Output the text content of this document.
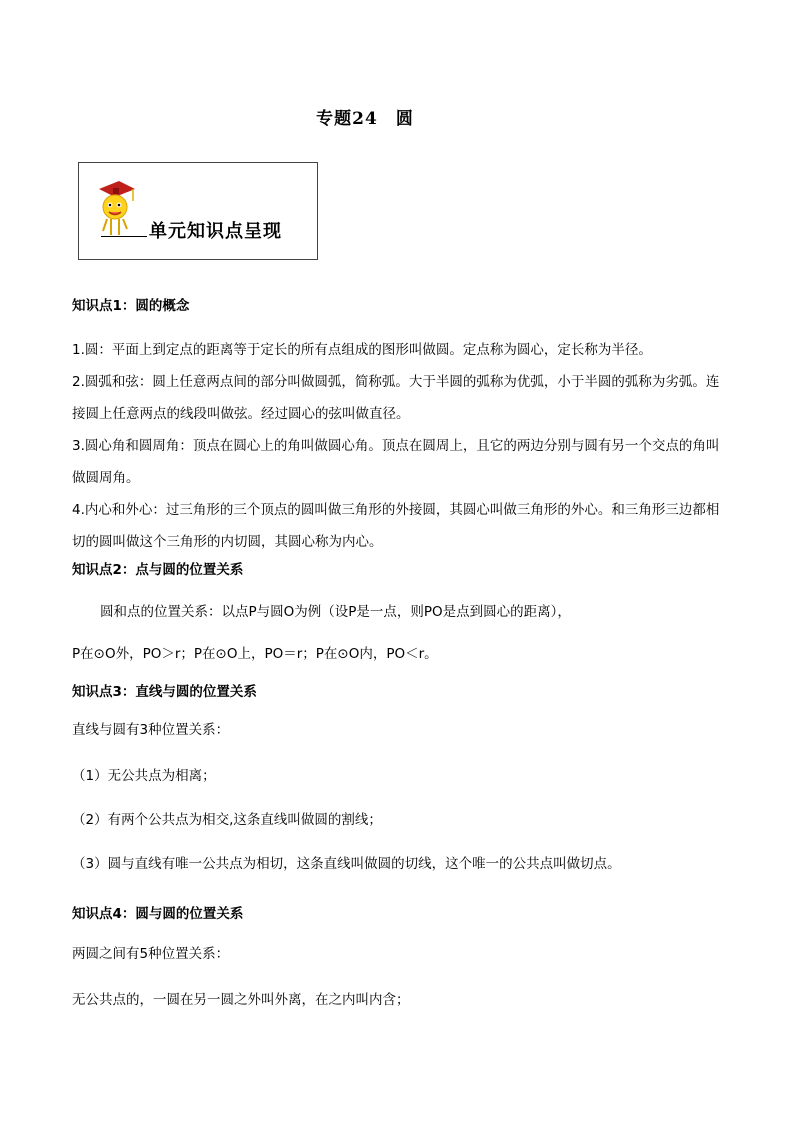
专题24　圆
单元知识点呈现
知识点1：圆的概念
1.圆：平面上到定点的距离等于定长的所有点组成的图形叫做圆。定点称为圆心，定长称为半径。
2.圆弧和弦：圆上任意两点间的部分叫做圆弧，简称弧。大于半圆的弧称为优弧，小于半圆的弧称为劣弧。连接圆上任意两点的线段叫做弦。经过圆心的弦叫做直径。
3.圆心角和圆周角：顶点在圆心上的角叫做圆心角。顶点在圆周上，且它的两边分别与圆有另一个交点的角叫做圆周角。
4.内心和外心：过三角形的三个顶点的圆叫做三角形的外接圆，其圆心叫做三角形的外心。和三角形三边都相切的圆叫做这个三角形的内切圆，其圆心称为内心。
知识点2：点与圆的位置关系
圆和点的位置关系：以点P与圆O为例（设P是一点，则PO是点到圆心的距离），
P在⊙O外，PO＞r；P在⊙O上，PO＝r；P在⊙O内，PO＜r。
知识点3：直线与圆的位置关系
直线与圆有3种位置关系：
（1）无公共点为相离；
（2）有两个公共点为相交,这条直线叫做圆的割线；
（3）圆与直线有唯一公共点为相切，这条直线叫做圆的切线，这个唯一的公共点叫做切点。
知识点4：圆与圆的位置关系
两圆之间有5种位置关系：
无公共点的，一圆在另一圆之外叫外离，在之内叫内含；
